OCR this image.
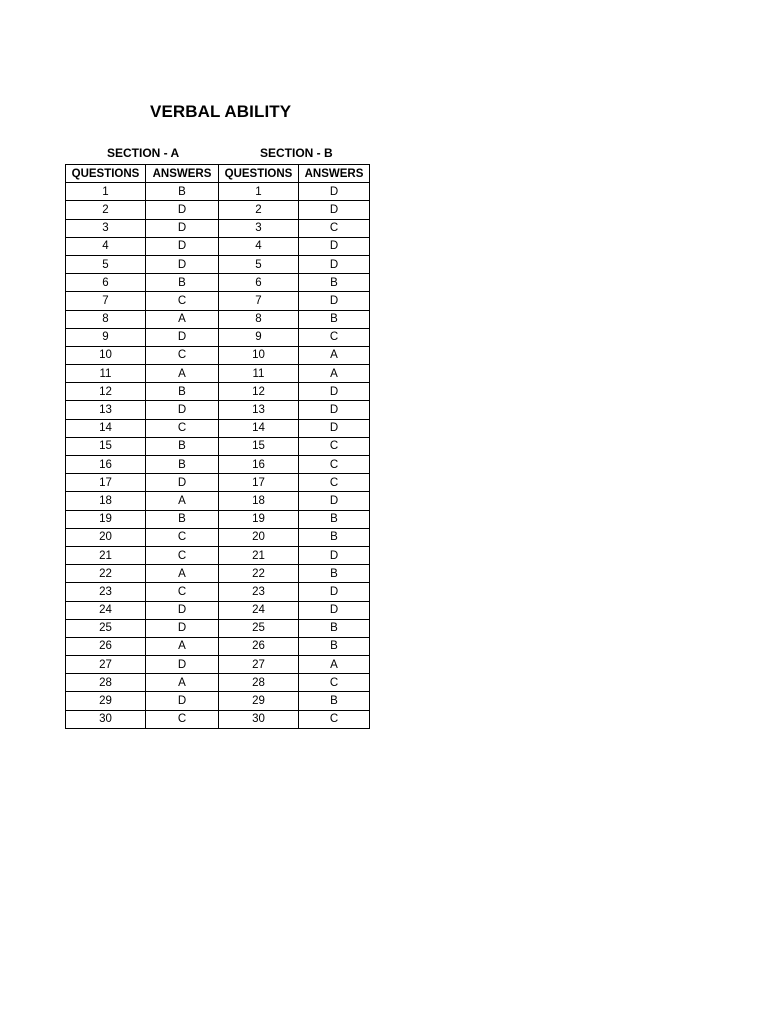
VERBAL ABILITY
SECTION - A	SECTION - B
QUESTIONS	ANSWERS	QUESTIONS	ANSWERS
1	B	1	D
2	D	2	D
3	D	3	C
4	D	4	D
5	D	5	D
6	B	6	B
7	C	7	D
8	A	8	B
9	D	9	C
10	C	10	A
11	A	11	A
12	B	12	D
13	D	13	D
14	C	14	D
15	B	15	C
16	B	16	C
17	D	17	C
18	A	18	D
19	B	19	B
20	C	20	B
21	C	21	D
22	A	22	B
23	C	23	D
24	D	24	D
25	D	25	B
26	A	26	B
27	D	27	A
28	A	28	C
29	D	29	B
30	C	30	C
